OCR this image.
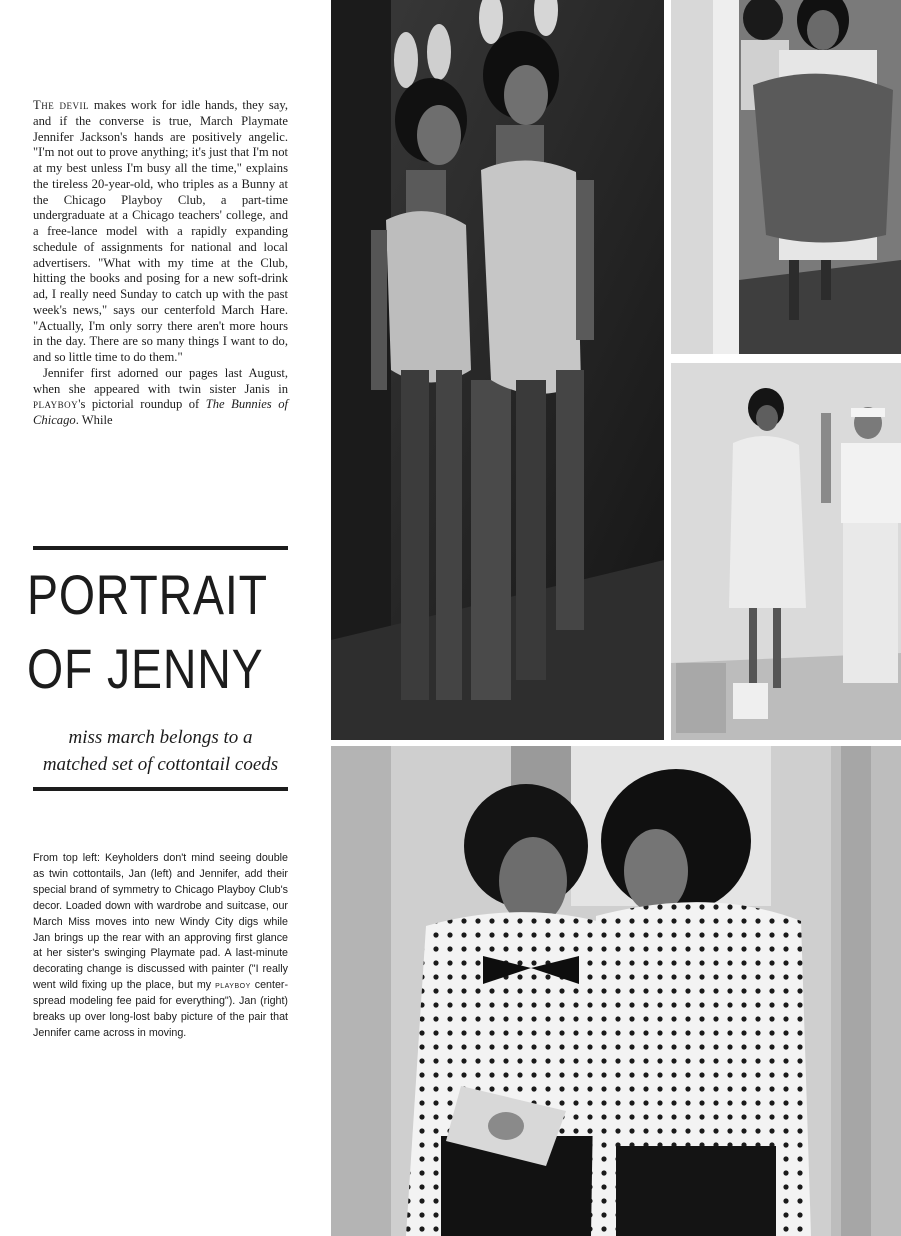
The devil makes work for idle hands, they say, and if the converse is true, March Playmate Jennifer Jackson's hands are positively angelic. "I'm not out to prove anything; it's just that I'm not at my best unless I'm busy all the time," explains the tireless 20-year-old, who triples as a Bunny at the Chicago Playboy Club, a part-time undergraduate at a Chicago teachers' college, and a free-lance model with a rapidly expanding schedule of assignments for national and local advertisers. "What with my time at the Club, hitting the books and posing for a new soft-drink ad, I really need Sunday to catch up with the past week's news," says our centerfold March Hare. "Actually, I'm only sorry there aren't more hours in the day. There are so many things I want to do, and so little time to do them."

Jennifer first adorned our pages last August, when she appeared with twin sister Janis in playboy's pictorial roundup of The Bunnies of Chicago. While

PORTRAIT
OF JENNY

miss march belongs to a
matched set of cottontail coeds

From top left: Keyholders don't mind seeing double as twin cottontails, Jan (left) and Jennifer, add their special brand of symmetry to Chicago Playboy Club's decor. Loaded down with wardrobe and suitcase, our March Miss moves into new Windy City digs while Jan brings up the rear with an approving first glance at her sister's swinging Playmate pad. A last-minute decorating change is discussed with painter ("I really went wild fixing up the place, but my playboy center-spread modeling fee paid for everything"). Jan (right) breaks up over long-lost baby picture of the pair that Jennifer came across in moving.
